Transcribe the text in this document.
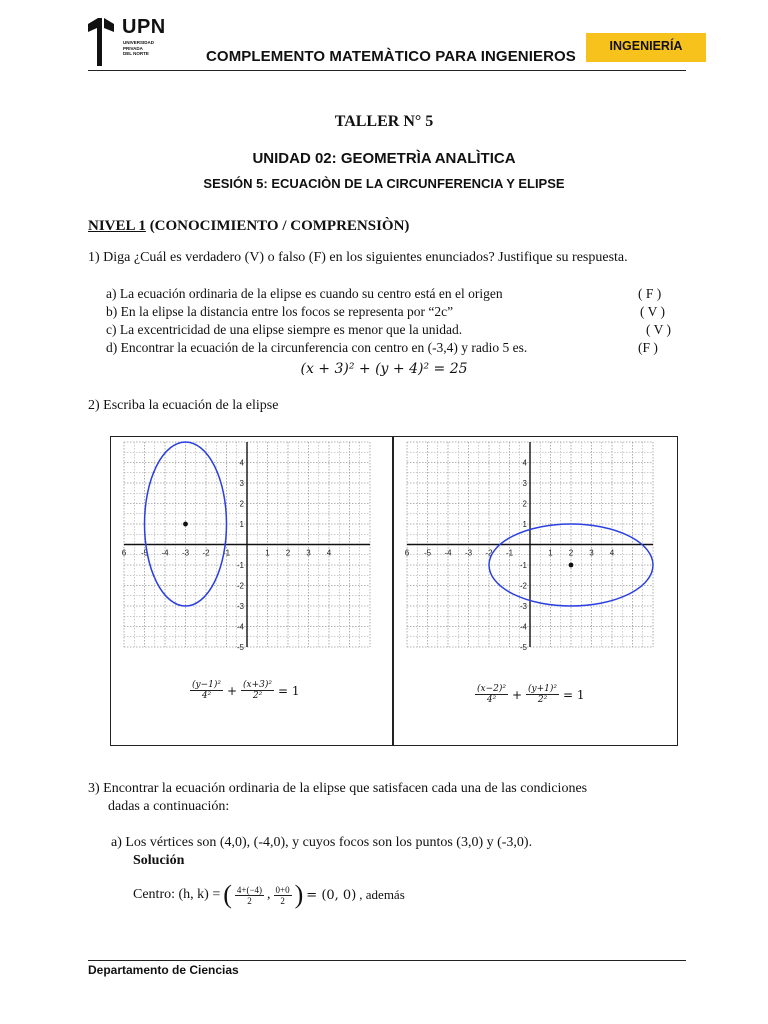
UPN
UNIVERSIDAD
PRIVADA
DEL NORTE	COMPLEMENTO MATEMÀTICO PARA INGENIEROS
INGENIERÍA
TALLER N° 5
UNIDAD 02: GEOMETRÌA ANALÌTICA
SESIÓN 5: ECUACIÒN DE LA CIRCUNFERENCIA Y ELIPSE
NIVEL 1 (CONOCIMIENTO / COMPRENSIÒN)
1) Diga ¿Cuál es verdadero (V) o falso (F) en los siguientes enunciados? Justifique su respuesta.
a) La ecuación ordinaria de la elipse es cuando su centro está en el origen	( F )
b) En la elipse la distancia entre los focos se representa por “2c”	( V )
c) La excentricidad de una elipse siempre es menor que la unidad.	( V )
d) Encontrar la ecuación de la circunferencia con centro en (-3,4) y radio 5 es.	(F )
(x + 3)² + (y + 4)² = 25
2) Escriba la ecuación de la elipse
6 -5 -4 -3 -2 -1	1 2 3 4
4
3
2
1
-1
-2
-3
-4
-5
6 -5 -4 -3 -2 -1	1 2 3 4
4
3
2
1
-1
-2
-3
-4
-5
$\frac{\text{(y−1)²}}{\text{4²}} + \frac{\text{(x+3)²}}{\text{2²}} = 1$	$\frac{\text{(x−2)²}}{\text{4²}} + \frac{\text{(y+1)²}}{\text{2²}} = 1$
3) Encontrar la ecuación ordinaria de la elipse que satisfacen cada una de las condiciones
dadas a continuación:
a) Los vértices son (4,0), (-4,0), y cuyos focos son los puntos (3,0) y (-3,0).
Solución
Centro: (h, k) = ( $\frac{4+(-4)}{2}$ , $\frac{0+0}{2}$ ) = (0, 0) , además
Departamento de Ciencias
